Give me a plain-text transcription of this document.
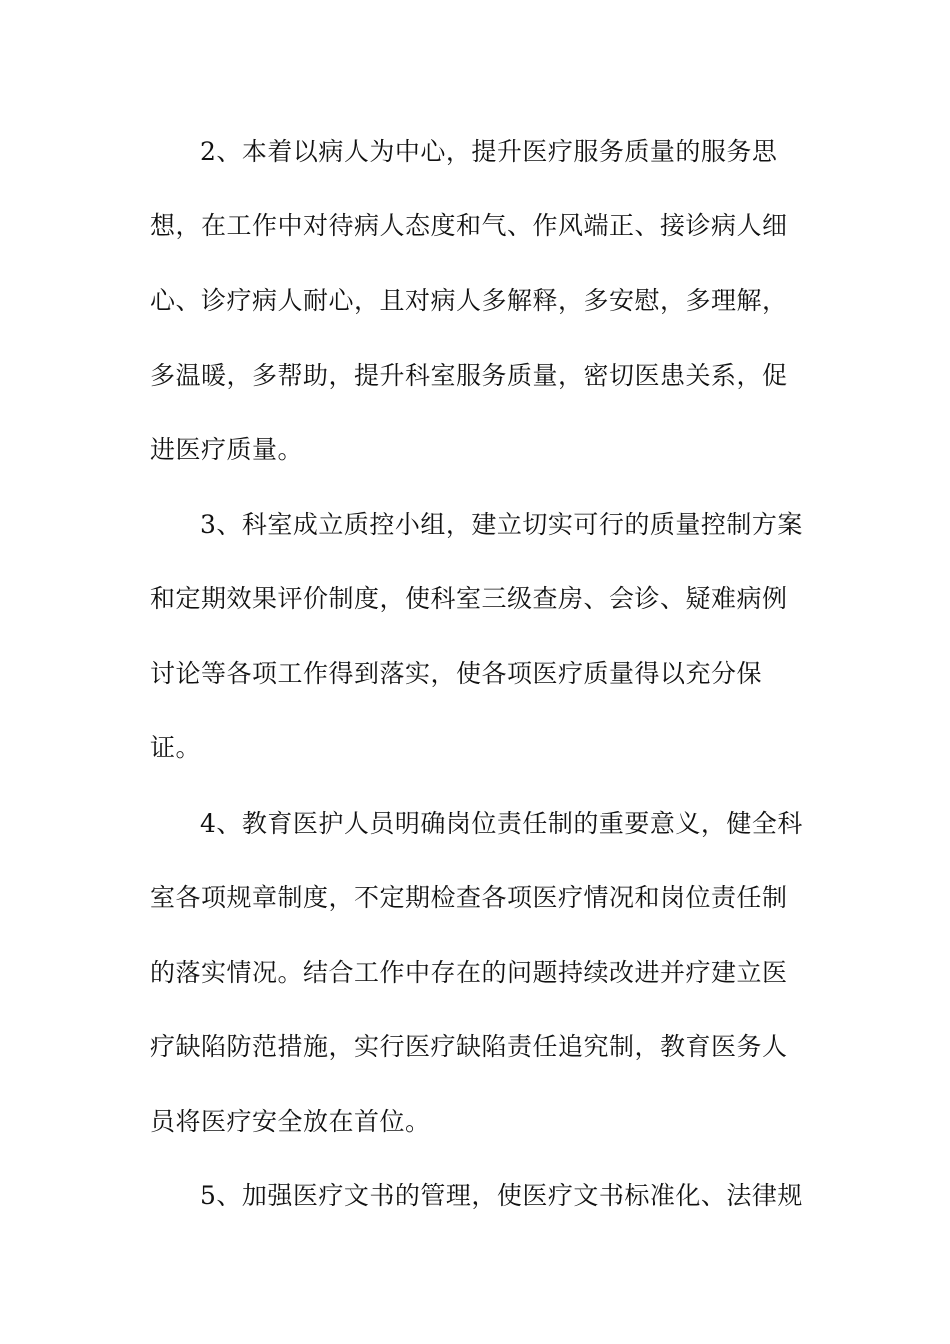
2、本着以病人为中心，提升医疗服务质量的服务思
想，在工作中对待病人态度和气、作风端正、接诊病人细
心、诊疗病人耐心，且对病人多解释，多安慰，多理解，
多温暖，多帮助，提升科室服务质量，密切医患关系，促
进医疗质量。
3、科室成立质控小组，建立切实可行的质量控制方案
和定期效果评价制度，使科室三级查房、会诊、疑难病例
讨论等各项工作得到落实，使各项医疗质量得以充分保
证。
4、教育医护人员明确岗位责任制的重要意义，健全科
室各项规章制度，不定期检查各项医疗情况和岗位责任制
的落实情况。结合工作中存在的问题持续改进并疗建立医
疗缺陷防范措施，实行医疗缺陷责任追究制，教育医务人
员将医疗安全放在首位。
5、加强医疗文书的管理，使医疗文书标准化、法律规
